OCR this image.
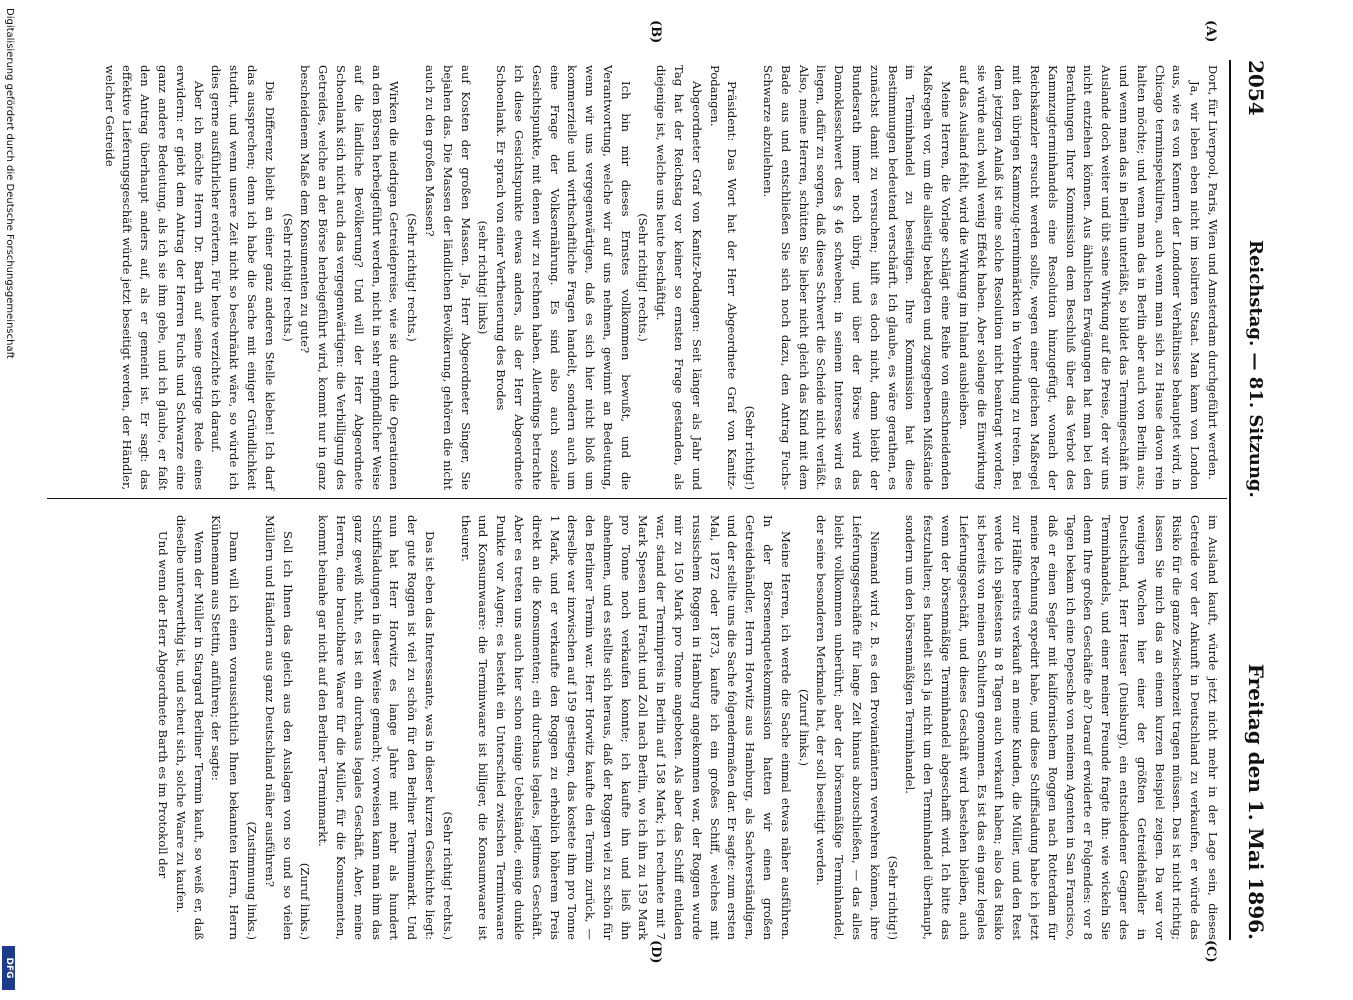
2054
Reichstag. — 81. Sitzung.
Freitag den 1. Mai 1896.
(A)
(B)
(C)
(D)

Dort, für Liverpool, Paris, Wien und Amsterdam durchgeführt werden.

Ja, wir leben eben nicht im isolirten Staat. Man kann von London aus, wie es von Kennern der Londoner Verhältnisse behauptet wird, in Chicago terminspekuliren, auch wenn man sich zu Hause davon rein halten möchte; und wenn man das in Berlin aber auch von Berlin aus; und wenn man das in Berlin unterläßt, so bildet das Termingeschäft im Auslande doch weiter und übt seine Wirkung auf die Preise, der wir uns nicht entziehen können. Aus ähnlichen Erwägungen hat man bei den Berathungen Ihrer Kommission dem Beschluß über das Verbot des Kammzugterminhandels eine Resolution hinzugefügt, wonach der Reichskanzler ersucht werden sollte, wegen einer gleichen Maßregel mit den übrigen Kammzug-terminmärkten in Verbindung zu treten. Bei dem jetzigen Anlaß ist eine solche Resolution nicht beantragt worden; sie würde auch wohl wenig Effekt haben. Aber solange die Einwirkung auf das Ausland fehlt, wird die Wirkung im Inland ausbleiben.

Meine Herren, die Vorlage schlägt eine Reihe von einschneidenden Maßregeln vor, um die allseitig beklagten und zugegebenen Mißstände im Terminhandel zu beseitigen. Ihre Kommission hat diese Bestimmungen bedeutend verschärft. Ich glaube, es wäre gerathen, es zunächst damit zu versuchen; hilft es doch nicht, dann bleibt der Bundesrath immer noch übrig, und über der Börse wird das Damoklesschwert des § 46 schweben; in seinem Interesse wird es liegen, dafür zu sorgen, daß dieses Schwert die Scheide nicht verläßt. Also, meine Herren, schütten Sie lieber nicht gleich das Kind mit dem Bade aus und entschließen Sie sich noch dazu, den Antrag Fuchs-Schwarze abzulehnen.

(Sehr richtig!)

Präsident: Das Wort hat der Herr Abgeordnete Graf von Kanitz-Podangen.

Abgeordneter Graf von Kanitz-Podangen: Seit länger als Jahr und Tag hat der Reichstag vor keiner so ernsten Frage gestanden, als diejenige ist, welche uns heute beschäftigt.

(Sehr richtig! rechts.)

Ich bin mir dieses Ernstes vollkommen bewußt, und die Verantwortung, welche wir auf uns nehmen, gewinnt an Bedeutung, wenn wir uns vergegenwärtigen, daß es sich hier nicht bloß um kommerzielle und wirthschaftliche Fragen handelt, sondern auch um eine Frage der Volksernährung. Es sind also auch soziale Gesichtspunkte, mit denen wir zu rechnen haben. Allerdings betrachte ich diese Gesichtspunkte etwas anders, als der Herr Abgeordnete Schoenlank. Er sprach von einer Vertheuerung des Brodes

(sehr richtig! links)

auf Kosten der großen Massen. Ja, Herr Abgeordneter Singer, Sie bejahen das. Die Massen der ländlichen Bevölkerung, gehören die nicht auch zu den großen Massen?

(Sehr richtig! rechts.)

Wirken die niedrigen Getreidepreise, wie sie durch die Operationen an den Börsen herbeigeführt werden, nicht in sehr empfindlicher Weise auf die ländliche Bevölkerung? Und will der Herr Abgeordnete Schoenlank sich nicht auch das vergegenwärtigen: die Verbilligung des Getreides, welche an der Börse herbeigeführt wird, kommt nur in ganz bescheidenem Maße dem Konsumenten zu gute?

(Sehr richtig! rechts.)

Die Differenz bleibt an einer ganz anderen Stelle kleben! Ich darf das aussprechen; denn ich habe die Sache mit einiger Gründlichkeit studirt, und wenn unsere Zeit nicht so beschränkt wäre, so würde ich dies gerne ausführlicher erörtern. Für heute verzichte ich darauf.

Aber ich möchte Herrn Dr. Barth auf seine gestrige Rede eines erwidern: er giebt dem Antrag der Herren Fuchs und Schwarze eine ganz andere Bedeutung, als ich sie ihm gebe, und ich glaube, er faßt den Antrag überhaupt anders auf, als er gemeint ist. Er sagt: das effektive Lieferungsgeschäft würde jetzt beseitigt werden, der Händler, welcher Getreide

im Ausland kauft, würde jetzt nicht mehr in der Lage sein, dieses Getreide vor der Ankunft in Deutschland zu verkaufen, er würde das Risiko für die ganze Zwischenzeit tragen müssen. Das ist nicht richtig; lassen Sie mich das an einem kurzen Beispiel zeigen. Da war vor wenigen Wochen hier einer der größten Getreidehändler in Deutschland, Herr Heuser (Duisburg), ein entschiedener Gegner des Terminhandels, und einer meiner Freunde fragte ihn: wie wickeln Sie denn Ihre großen Geschäfte ab? Darauf erwiderte er Folgendes: vor 8 Tagen bekam ich eine Depesche von meinem Agenten in San Francisco, daß er einen Segler mit kalifornischem Roggen nach Rotterdam für meine Rechnung expedirt habe, und diese Schiffsladung habe ich jetzt zur Hälfte bereits verkauft an meine Kunden, die Müller, und den Rest werde ich spätestens in 8 Tagen auch verkauft haben; also das Risiko ist bereits von meinen Schultern genommen. Es ist das ein ganz legales Lieferungsgeschäft, und dieses Geschäft wird bestehen bleiben, auch wenn der börsenmäßige Terminhandel abgeschafft wird. Ich bitte das festzuhalten; es handelt sich ja nicht um den Terminhandel überhaupt, sondern um den börsenmäßigen Terminhandel.

(Sehr richtig!)

Niemand wird z. B. es den Proviantämtern verwehren können, ihre Lieferungsgeschäfte für lange Zeit hinaus abzuschließen, — das alles bleibt vollkommen unberührt; aber der börsenmäßige Terminhandel, der seine besonderen Merkmale hat, der soll beseitigt werden.

(Zuruf links.)

Meine Herren, ich werde die Sache einmal etwas näher ausführen. In der Börsenenquetekommission hatten wir einen großen Getreidehändler, Herrn Horwitz aus Hamburg, als Sachverständigen, und der stellte uns die Sache folgendermaßen dar. Er sagte: zum ersten Mal, 1872 oder 1873, kaufte ich ein großes Schiff, welches mit russischem Roggen in Hamburg angekommen war, der Roggen wurde mir zu 150 Mark pro Tonne angeboten. Als aber das Schiff entladen war, stand der Terminpreis in Berlin auf 158 Mark; ich rechnete mit 7 Mark Spesen und Fracht und Zoll nach Berlin, wo ich ihn zu 159 Mark pro Tonne noch verkaufen konnte; ich kaufte ihn und ließ ihn abnehmen, und es stellte sich heraus, daß der Roggen viel zu schön für den Berliner Termin war. Herr Horwitz kaufte den Termin zurück, — derselbe war inzwischen auf 159 gestiegen, das kostete ihm pro Tonne 1 Mark, und er verkaufte den Roggen zu erheblich höherem Preis direkt an die Konsumenten; ein durchaus legales, legitimes Geschäft. Aber es treten uns auch hier schon einige Uebelstände, einige dunkle Punkte vor Augen; es besteht ein Unterschied zwischen Terminwaare und Konsumwaare: die Terminwaare ist billiger, die Konsumwaare ist theurer.

(Sehr richtig! rechts.)

Das ist eben das Interessante, was in dieser kurzen Geschichte liegt: der gute Roggen ist viel zu schön für den Berliner Terminmarkt. Und nun hat Herr Horwitz es lange Jahre mit mehr als hundert Schiffsladungen in dieser Weise gemacht; vorweisen kann man ihm das ganz gewiß nicht, es ist ein durchaus legales Geschäft. Aber, meine Herren, eine brauchbare Waare für die Müller, für die Konsumenten, kommt beinahe gar nicht auf den Berliner Terminmarkt.

(Zuruf links.)

Soll ich Ihnen das gleich aus den Auslagen von so und so vielen Müllern und Händlern aus ganz Deutschland näher ausführen?

(Zustimmung links.)

Dann will ich einen voraussichtlich Ihnen bekannten Herrn, Herrn Kühnemann aus Stettin, anführen; der sagte:

Wenn der Müller in Stargard Berliner Termin kauft, so weiß er, daß dieselbe unterwerthig ist, und scheut sich, solche Waare zu kaufen.

Und wenn der Herr Abgeordnete Barth es im Protokoll der

Digitalisierung gefördert durch die Deutsche Forschungsgemeinschaft
DFG
